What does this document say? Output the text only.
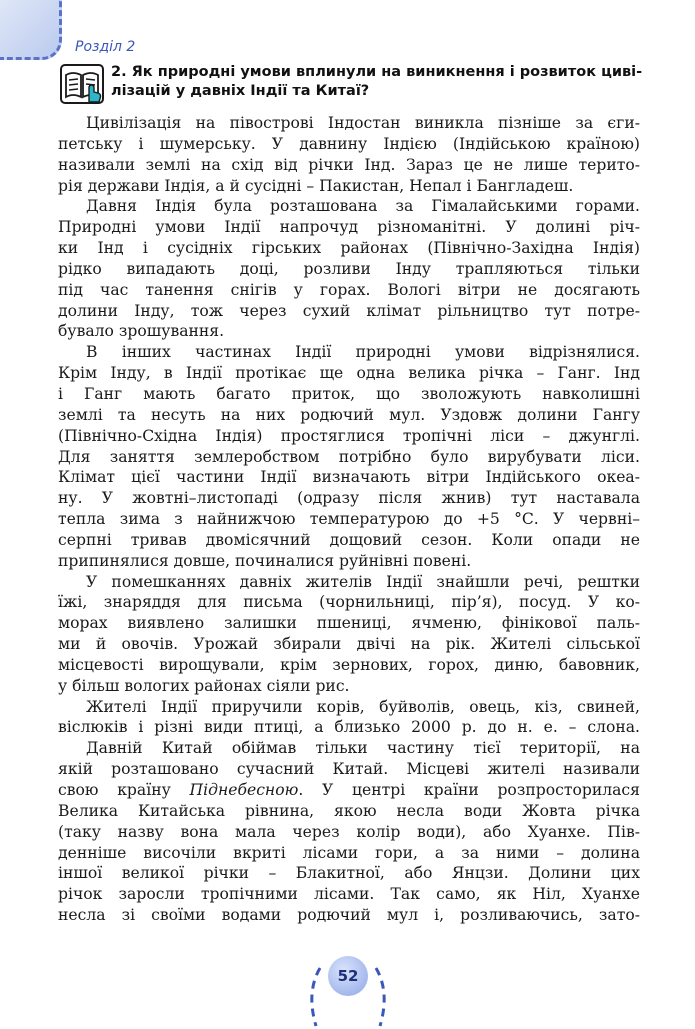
Розділ 2
2. Як природні умови вплинули на виникнення і розвиток циві-
лізацій у давніх Індії та Китаї?
Цивілізація на півострові Індостан виникла пізніше за єги-
петську і шумерську. У давнину Індією (Індійською країною)
називали землі на схід від річки Інд. Зараз це не лише терито-
рія держави Індія, а й сусідні – Пакистан, Непал і Бангладеш.
Давня Індія була розташована за Гімалайськими горами.
Природні умови Індії напрочуд різноманітні. У долині річ-
ки Інд і сусідніх гірських районах (Північно-Західна Індія)
рідко випадають доці, розливи Інду трапляються тільки
під час танення снігів у горах. Вологі вітри не досягають
долини Інду, тож через сухий клімат рільництво тут потре-
бувало зрошування.
В інших частинах Індії природні умови відрізнялися.
Крім Інду, в Індії протікає ще одна велика річка – Ганг. Інд
і Ганг мають багато приток, що зволожують навколишні
землі та несуть на них родючий мул. Уздовж долини Гангу
(Північно-Східна Індія) простяглися тропічні ліси – джунглі.
Для заняття землеробством потрібно було вирубувати ліси.
Клімат цієї частини Індії визначають вітри Індійського океа-
ну. У жовтні–листопаді (одразу після жнив) тут наставала
тепла зима з найнижчою температурою до +5 °С. У червні–
серпні тривав двомісячний дощовий сезон. Коли опади не
припинялися довше, починалися руйнівні повені.
У помешканнях давніх жителів Індії знайшли речі, рештки
їжі, знаряддя для письма (чорнильниці, пір’я), посуд. У ко-
морах виявлено залишки пшениці, ячменю, фінікової паль-
ми й овочів. Урожай збирали двічі на рік. Жителі сільської
місцевості вирощували, крім зернових, горох, диню, бавовник,
у більш вологих районах сіяли рис.
Жителі Індії приручили корів, буйволів, овець, кіз, свиней,
віслюків і різні види птиці, а близько 2000 р. до н. е. – слона.
Давній Китай обіймав тільки частину тієї території, на
якій розташовано сучасний Китай. Місцеві жителі називали
свою країну Піднебесною. У центрі країни розпросторилася
Велика Китайська рівнина, якою несла води Жовта річка
(таку назву вона мала через колір води), або Хуанхе. Пів-
денніше височіли вкриті лісами гори, а за ними – долина
іншої великої річки – Блакитної, або Янцзи. Долини цих
річок заросли тропічними лісами. Так само, як Ніл, Хуанхе
несла зі своїми водами родючий мул і, розливаючись, зато-
52
